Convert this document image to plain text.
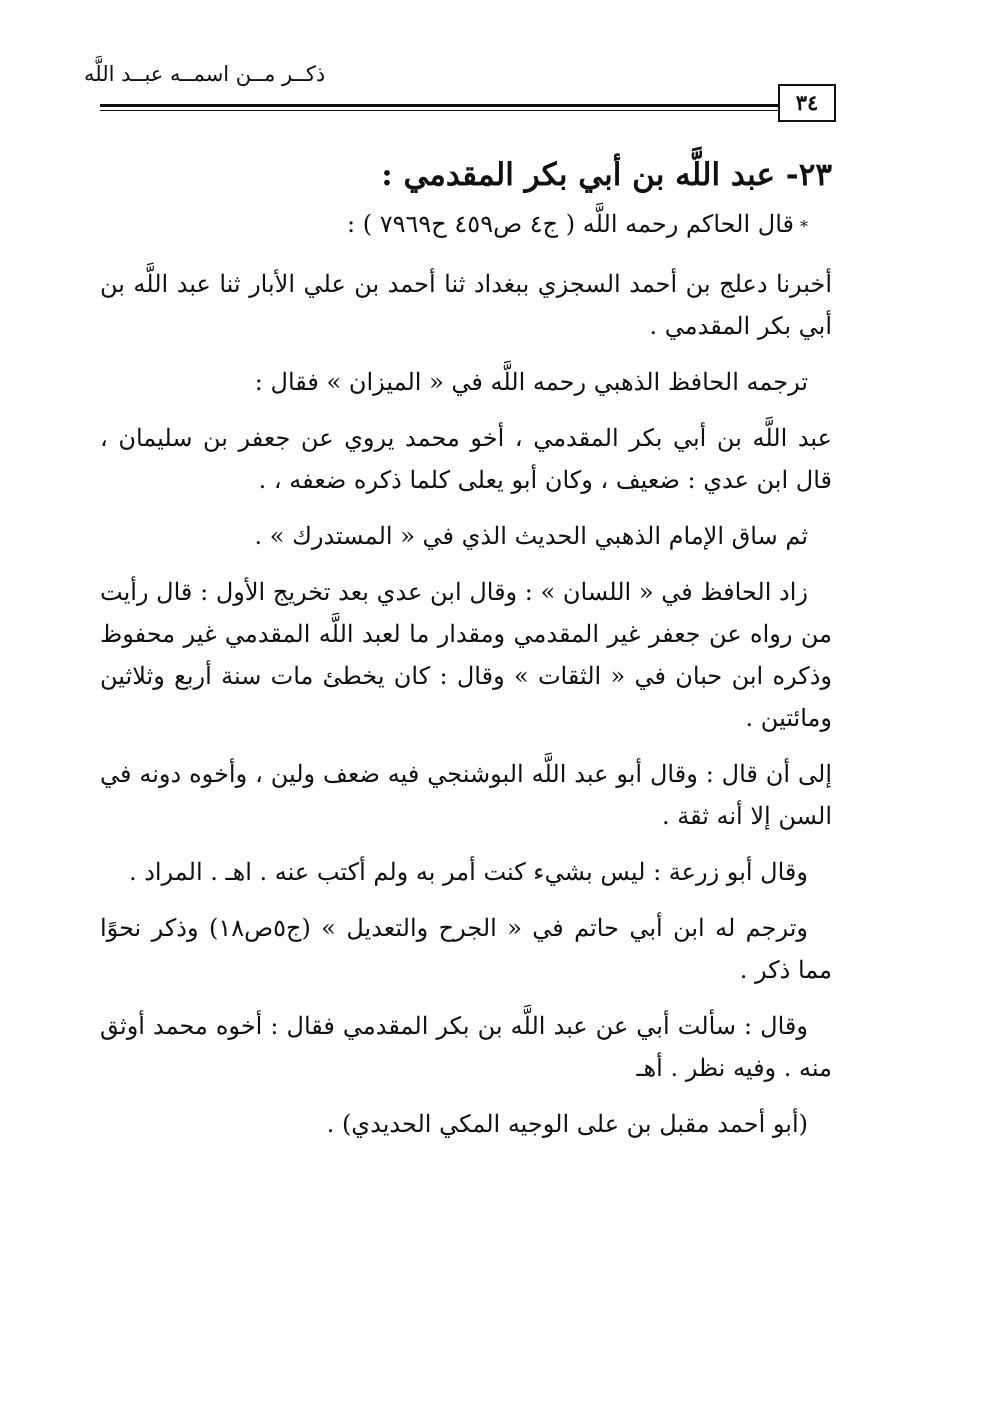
ذكــر مــن اسمــه عبــد اللَّه
٣٤
٢٣- عبد اللَّه بن أبي بكر المقدمي :
*قال الحاكم رحمه اللَّه ( ج٤ ص٤٥٩ ح٧٩٦٩ ) :

أخبرنا دعلج بن أحمد السجزي ببغداد ثنا أحمد بن علي الأبار ثنا عبد اللَّه بن أبي بكر المقدمي .

ترجمه الحافظ الذهبي رحمه اللَّه في « الميزان » فقال :

عبد اللَّه بن أبي بكر المقدمي ، أخو محمد يروي عن جعفر بن سليمان ، قال ابن عدي : ضعيف ، وكان أبو يعلى كلما ذكره ضعفه ، .

ثم ساق الإمام الذهبي الحديث الذي في « المستدرك » .

زاد الحافظ في « اللسان » : وقال ابن عدي بعد تخريج الأول : قال رأيت من رواه عن جعفر غير المقدمي ومقدار ما لعبد اللَّه المقدمي غير محفوظ وذكره ابن حبان في « الثقات » وقال : كان يخطئ مات سنة أربع وثلاثين ومائتين .

إلى أن قال : وقال أبو عبد اللَّه البوشنجي فيه ضعف ولين ، وأخوه دونه في السن إلا أنه ثقة .

وقال أبو زرعة : ليس بشيء كنت أمر به ولم أكتب عنه . اهـ . المراد .

وترجم له ابن أبي حاتم في « الجرح والتعديل » (ج٥ص١٨) وذكر نحوًا مما ذكر .

وقال : سألت أبي عن عبد اللَّه بن بكر المقدمي فقال : أخوه محمد أوثق منه . وفيه نظر . أهـ

(أبو أحمد مقبل بن على الوجيه المكي الحديدي) .
